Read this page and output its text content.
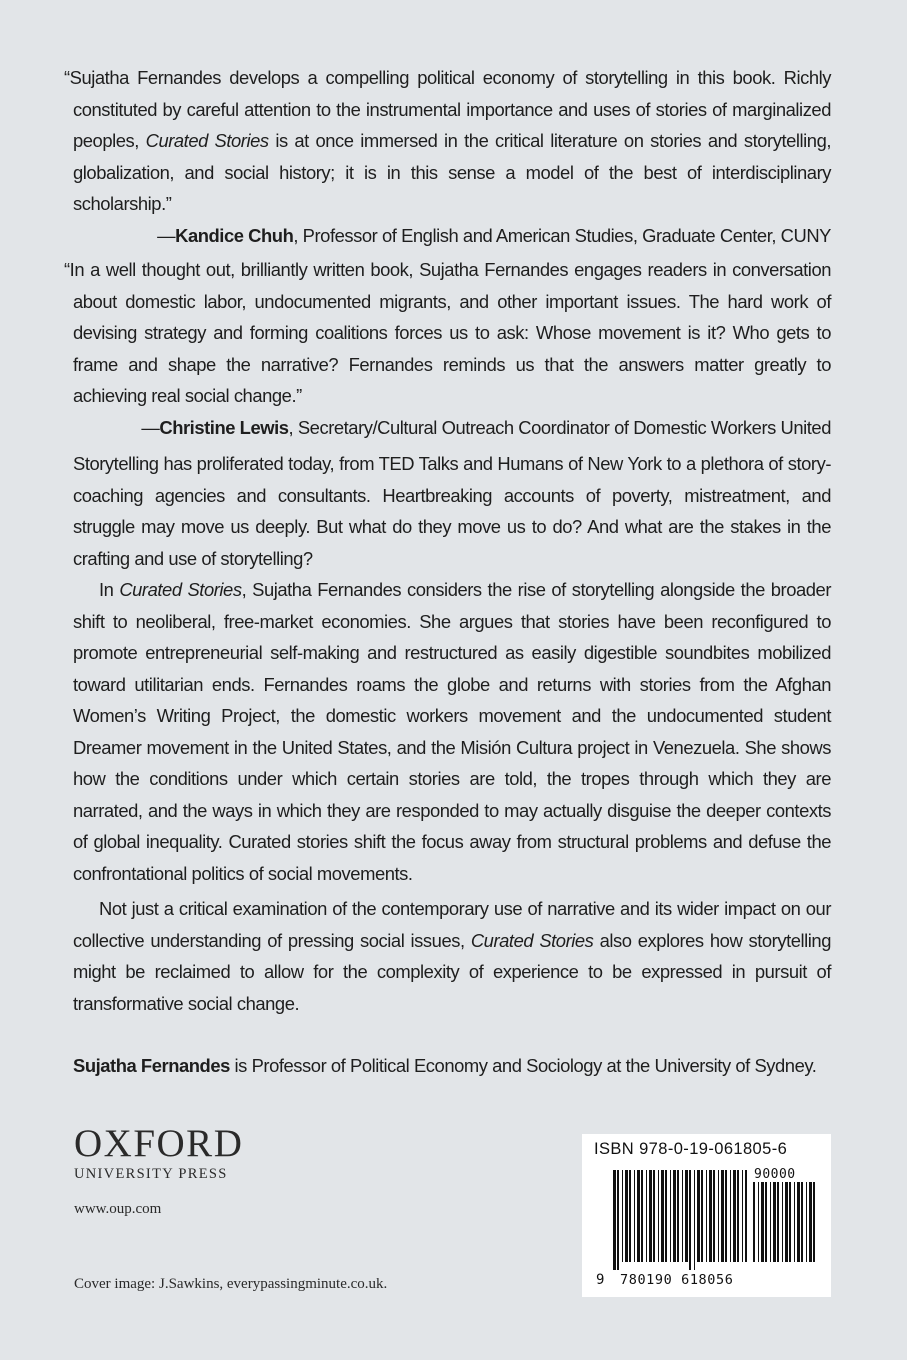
“Sujatha Fernandes develops a compelling political economy of storytelling in this book. Richly constituted by careful attention to the instrumental importance and uses of stories of marginalized peoples, Curated Stories is at once immersed in the critical literature on stories and storytelling, globalization, and social history; it is in this sense a model of the best of interdisciplinary scholarship.”
—Kandice Chuh, Professor of English and American Studies, Graduate Center, CUNY
“In a well thought out, brilliantly written book, Sujatha Fernandes engages readers in conversation about domestic labor, undocumented migrants, and other important issues. The hard work of devising strategy and forming coalitions forces us to ask: Whose movement is it? Who gets to frame and shape the narrative? Fernandes reminds us that the answers matter greatly to achieving real social change.”
—Christine Lewis, Secretary/Cultural Outreach Coordinator of Domestic Workers United

Storytelling has proliferated today, from TED Talks and Humans of New York to a plethora of story-coaching agencies and consultants. Heartbreaking accounts of poverty, mistreatment, and struggle may move us deeply. But what do they move us to do? And what are the stakes in the crafting and use of storytelling?

In Curated Stories, Sujatha Fernandes considers the rise of storytelling alongside the broader shift to neoliberal, free-market economies. She argues that stories have been reconfigured to promote entrepreneurial self-making and restructured as easily digestible soundbites mobilized toward utilitarian ends. Fernandes roams the globe and returns with stories from the Afghan Women’s Writing Project, the domestic workers movement and the undocumented student Dreamer movement in the United States, and the Misión Cultura project in Venezuela. She shows how the conditions under which certain stories are told, the tropes through which they are narrated, and the ways in which they are responded to may actually disguise the deeper contexts of global inequality. Curated stories shift the focus away from structural problems and defuse the confrontational politics of social movements.

Not just a critical examination of the contemporary use of narrative and its wider impact on our collective understanding of pressing social issues, Curated Stories also explores how storytelling might be reclaimed to allow for the complexity of experience to be expressed in pursuit of transformative social change.

Sujatha Fernandes is Professor of Political Economy and Sociology at the University of Sydney.

OXFORD
UNIVERSITY PRESS
www.oup.com
Cover image: J.Sawkins, everypassingminute.co.uk.
ISBN 978-0-19-061805-6
90000
9 780190 618056
